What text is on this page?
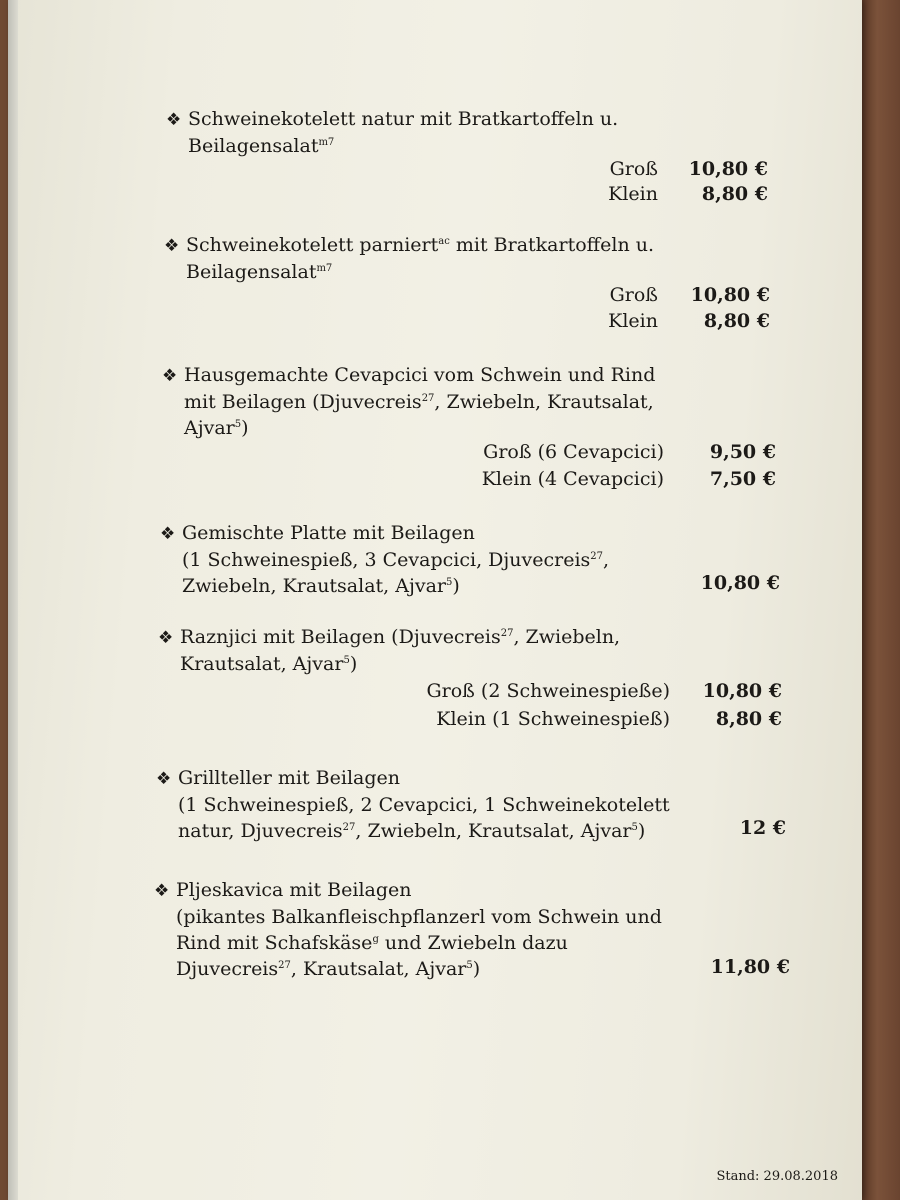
❖ Schweinekotelett natur mit Bratkartoffeln u.
Beilagensalat$^{m7}$
Groß 10,80 €
Klein 8,80 €
❖ Schweinekotelett parniert$^{ac}$ mit Bratkartoffeln u.
Beilagensalat$^{m7}$
Groß 10,80 €
Klein 8,80 €
❖ Hausgemachte Cevapcici vom Schwein und Rind
mit Beilagen (Djuvecreis$^{27}$, Zwiebeln, Krautsalat,
Ajvar$^5$)
Groß (6 Cevapcici) 9,50 €
Klein (4 Cevapcici) 7,50 €
❖ Gemischte Platte mit Beilagen
(1 Schweinespieß, 3 Cevapcici, Djuvecreis$^{27}$,
Zwiebeln, Krautsalat, Ajvar$^5$)	10,80 €
❖ Raznjici mit Beilagen (Djuvecreis$^{27}$, Zwiebeln,
Krautsalat, Ajvar$^5$)
Groß (2 Schweinespieße) 10,80 €
Klein (1 Schweinespieß) 8,80 €
❖ Grillteller mit Beilagen
(1 Schweinespieß, 2 Cevapcici, 1 Schweinekotelett
natur, Djuvecreis$^{27}$, Zwiebeln, Krautsalat, Ajvar$^5$)	12 €
❖ Pljeskavica mit Beilagen
(pikantes Balkanfleischpflanzerl vom Schwein und
Rind mit Schafskäse$^g$ und Zwiebeln dazu
Djuvecreis$^{27}$, Krautsalat, Ajvar$^5$)	11,80 €
Stand: 29.08.2018
